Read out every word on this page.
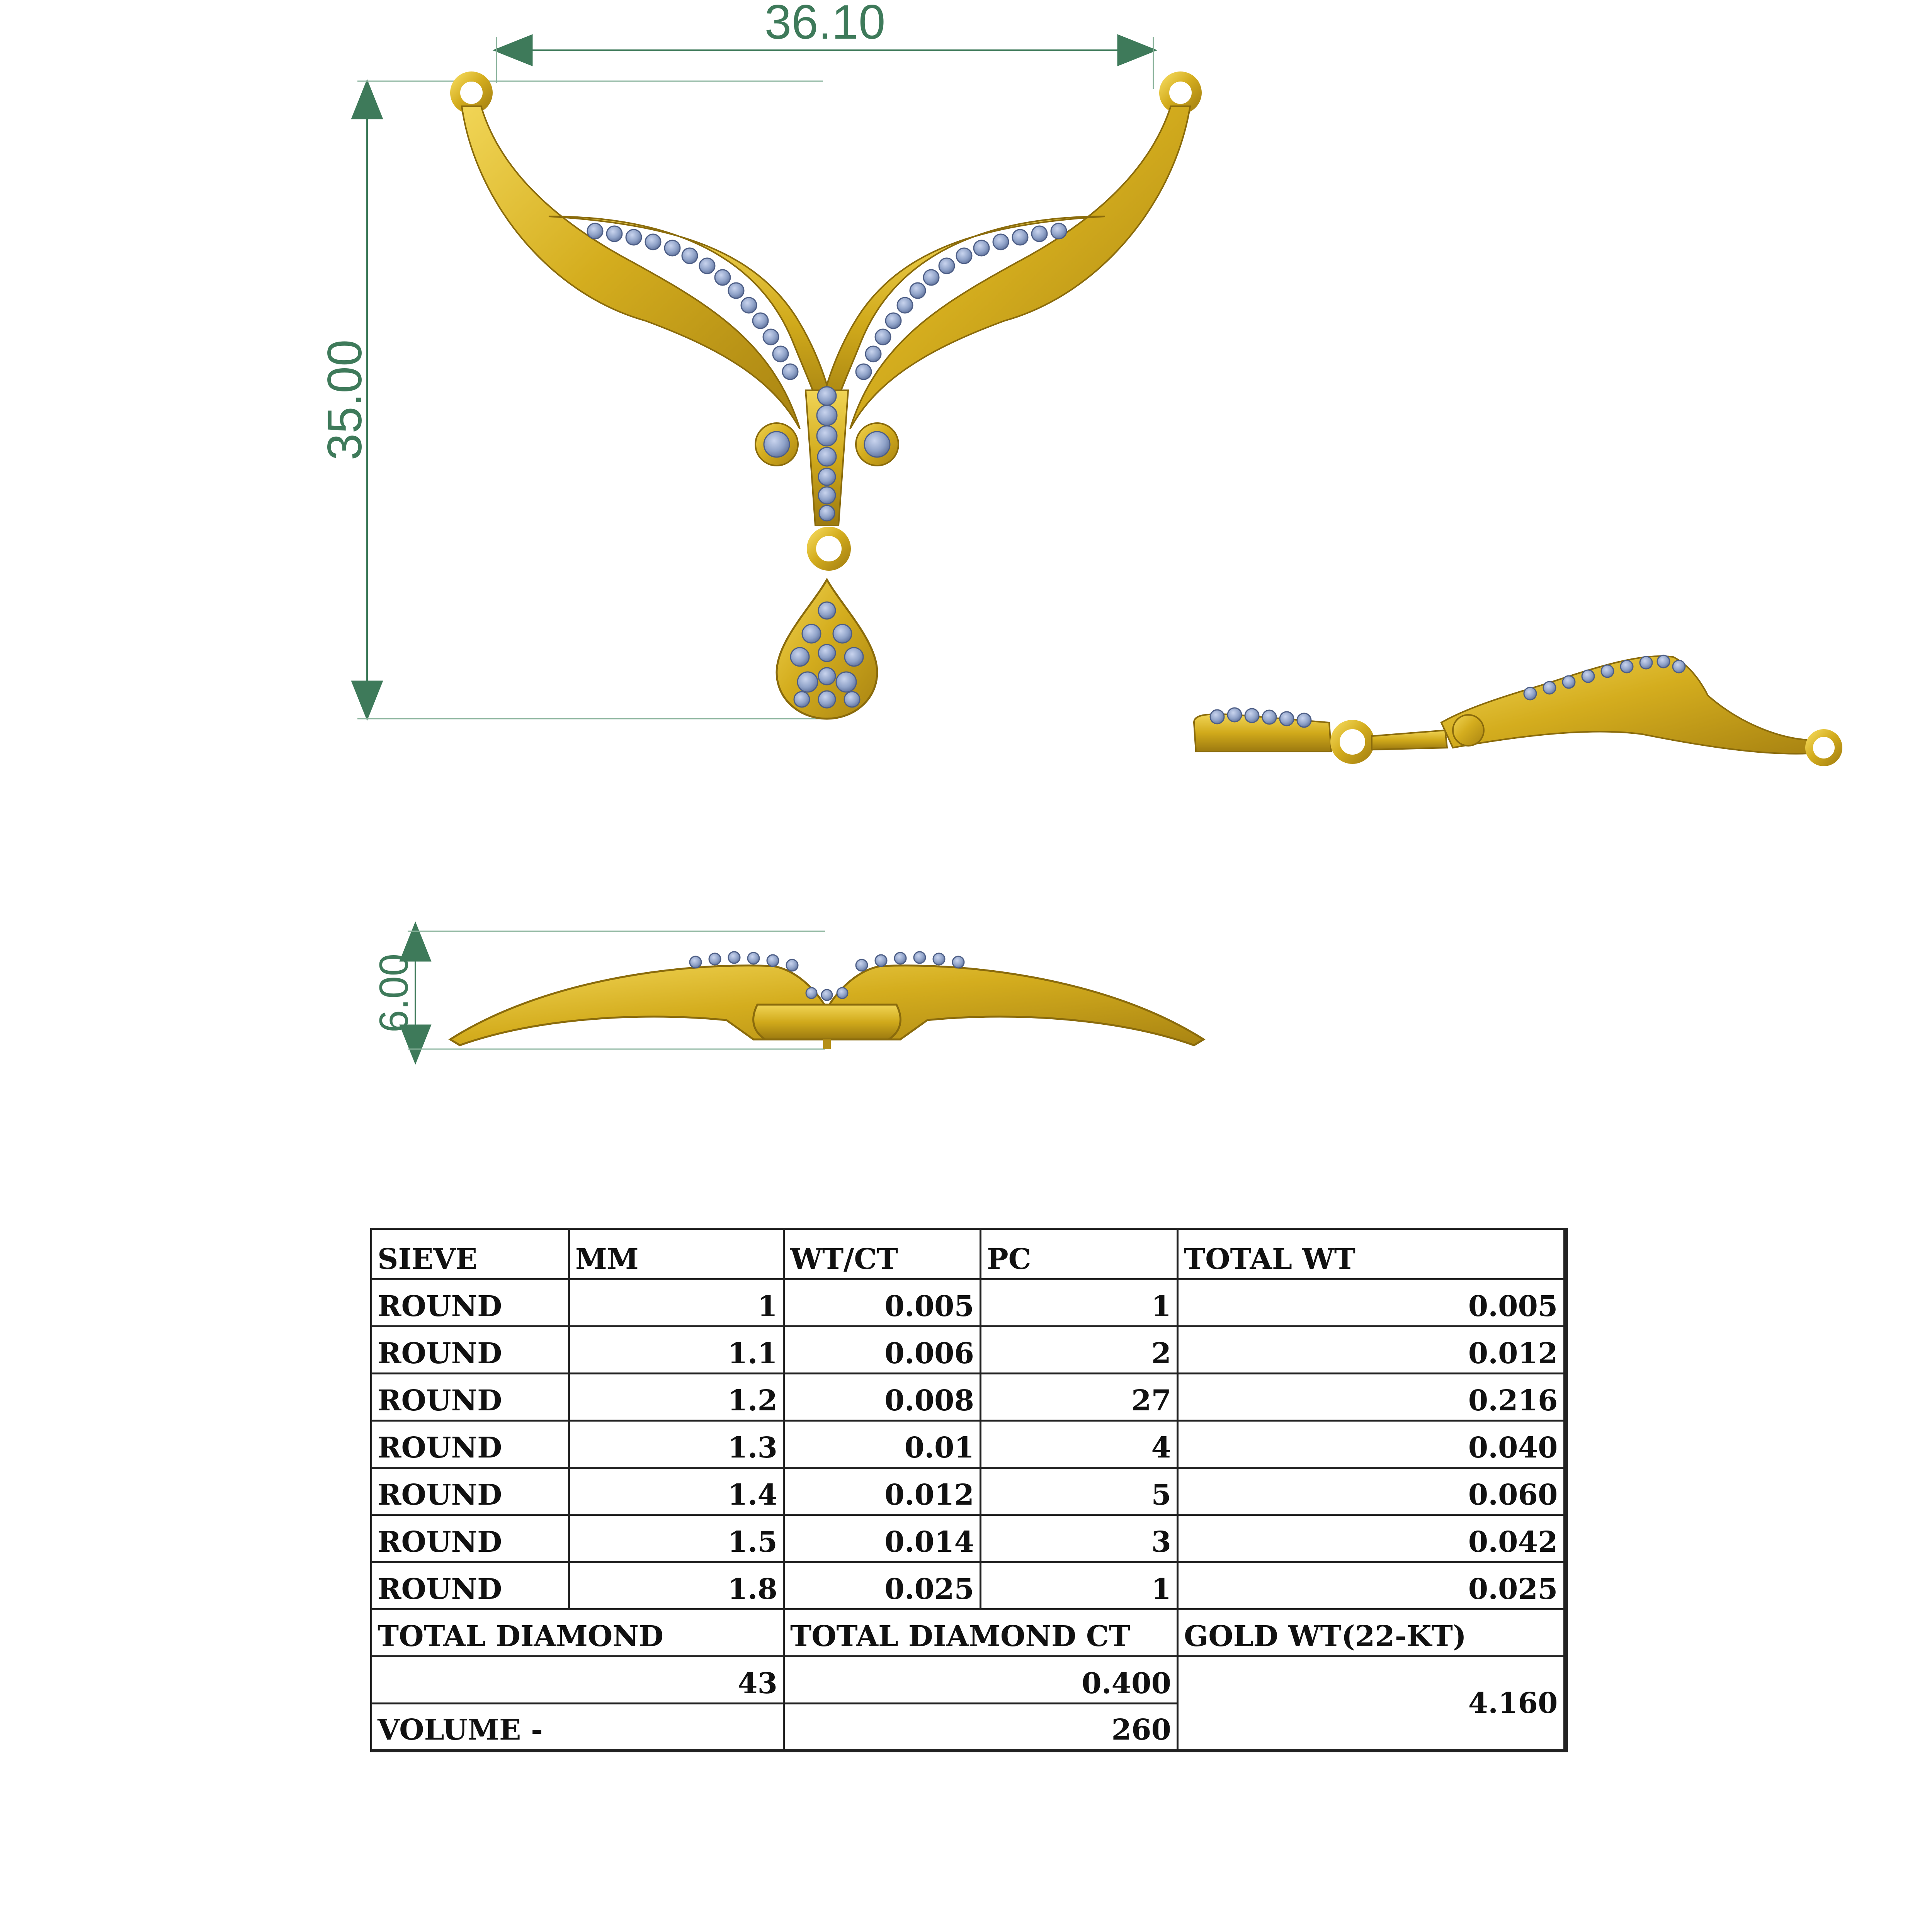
36.10
35.00
6.00
SIEVE	MM	WT/CT	PC	TOTAL WT
ROUND	1	0.005	1	0.005
ROUND	1.1	0.006	2	0.012
ROUND	1.2	0.008	27	0.216
ROUND	1.3	0.01	4	0.040
ROUND	1.4	0.012	5	0.060
ROUND	1.5	0.014	3	0.042
ROUND	1.8	0.025	1	0.025
TOTAL DIAMOND		TOTAL DIAMOND CT		GOLD WT(22-KT)
43		0.400		4.160
VOLUME -		260		
